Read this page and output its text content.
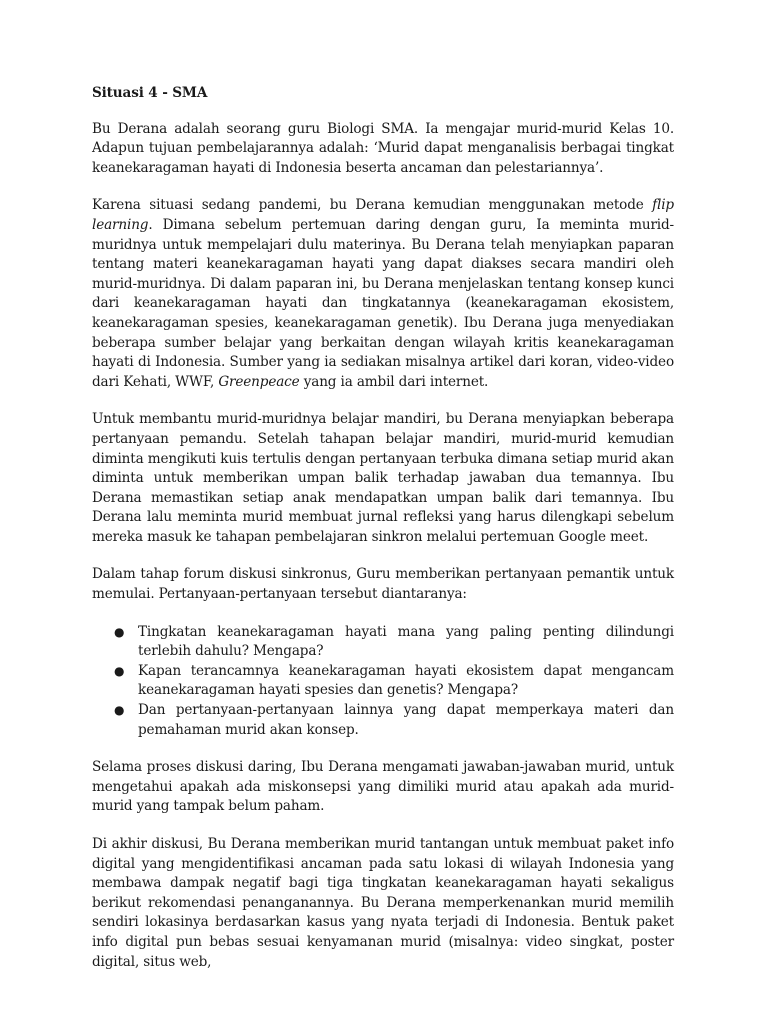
Situasi 4 - SMA

Bu Derana adalah seorang guru Biologi SMA. Ia mengajar murid-murid Kelas 10. Adapun tujuan pembelajarannya adalah: ‘Murid dapat menganalisis berbagai tingkat keanekaragaman hayati di Indonesia beserta ancaman dan pelestariannya’.

Karena situasi sedang pandemi, bu Derana kemudian menggunakan metode flip learning. Dimana sebelum pertemuan daring dengan guru, Ia meminta murid-muridnya untuk mempelajari dulu materinya. Bu Derana telah menyiapkan paparan tentang materi keanekaragaman hayati yang dapat diakses secara mandiri oleh murid-muridnya. Di dalam paparan ini, bu Derana menjelaskan tentang konsep kunci dari keanekaragaman hayati dan tingkatannya (keanekaragaman ekosistem, keanekaragaman spesies, keanekaragaman genetik). Ibu Derana juga menyediakan beberapa sumber belajar yang berkaitan dengan wilayah kritis keanekaragaman hayati di Indonesia. Sumber yang ia sediakan misalnya artikel dari koran, video-video dari Kehati, WWF, Greenpeace yang ia ambil dari internet.

Untuk membantu murid-muridnya belajar mandiri, bu Derana menyiapkan beberapa pertanyaan pemandu. Setelah tahapan belajar mandiri, murid-murid kemudian diminta mengikuti kuis tertulis dengan pertanyaan terbuka dimana setiap murid akan diminta untuk memberikan umpan balik terhadap jawaban dua temannya. Ibu Derana memastikan setiap anak mendapatkan umpan balik dari temannya. Ibu Derana lalu meminta murid membuat jurnal refleksi yang harus dilengkapi sebelum mereka masuk ke tahapan pembelajaran sinkron melalui pertemuan Google meet.

Dalam tahap forum diskusi sinkronus, Guru memberikan pertanyaan pemantik untuk memulai. Pertanyaan-pertanyaan tersebut diantaranya:

● Tingkatan keanekaragaman hayati mana yang paling penting dilindungi terlebih dahulu? Mengapa?
● Kapan terancamnya keanekaragaman hayati ekosistem dapat mengancam keanekaragaman hayati spesies dan genetis? Mengapa?
● Dan pertanyaan-pertanyaan lainnya yang dapat memperkaya materi dan pemahaman murid akan konsep.

Selama proses diskusi daring, Ibu Derana mengamati jawaban-jawaban murid, untuk mengetahui apakah ada miskonsepsi yang dimiliki murid atau apakah ada murid-murid yang tampak belum paham.

Di akhir diskusi, Bu Derana memberikan murid tantangan untuk membuat paket info digital yang mengidentifikasi ancaman pada satu lokasi di wilayah Indonesia yang membawa dampak negatif bagi tiga tingkatan keanekaragaman hayati sekaligus berikut rekomendasi penanganannya. Bu Derana memperkenankan murid memilih sendiri lokasinya berdasarkan kasus yang nyata terjadi di Indonesia. Bentuk paket info digital pun bebas sesuai kenyamanan murid (misalnya: video singkat, poster digital, situs web,
